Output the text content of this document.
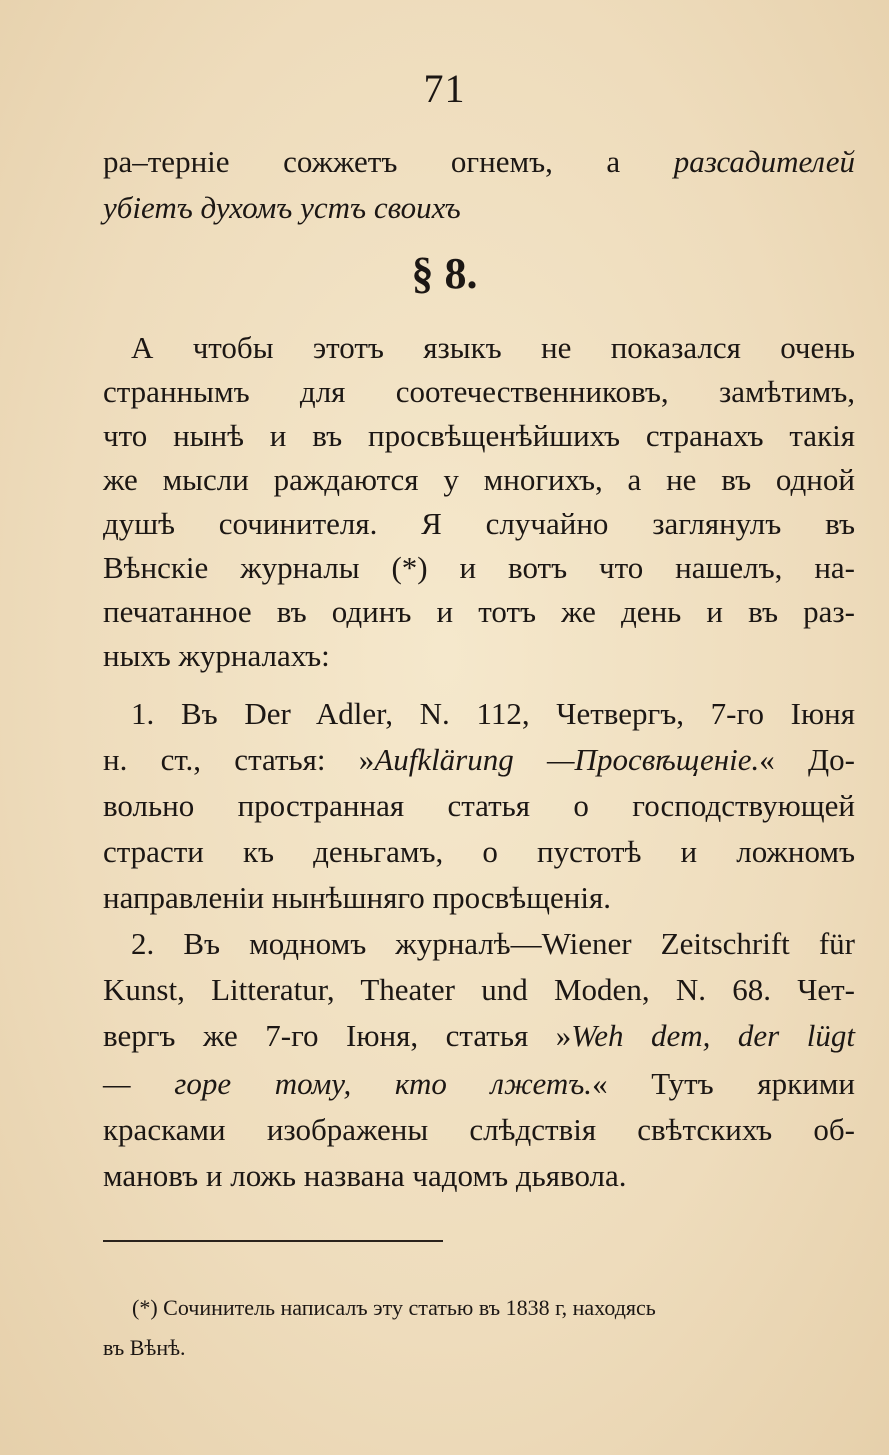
71
ра–терніе сожжетъ огнемъ, а разсадителей
убіетъ духомъ устъ своихъ
§ 8.
А чтобы этотъ языкъ не показался очень
страннымъ для соотечественниковъ, замѣтимъ,
что нынѣ и въ просвѣщенѣйшихъ странахъ такія
же мысли раждаются у многихъ, а не въ одной
душѣ сочинителя. Я случайно заглянулъ въ
Вѣнскіе журналы (*) и вотъ что нашелъ, на-
печатанное въ одинъ и тотъ же день и въ раз-
ныхъ журналахъ:
1. Въ Der Adler, N. 112, Четвергъ, 7-го Іюня
н. ст., статья: »Aufklärung —Просвѣщеніе.« До-
вольно пространная статья о господствующей
страсти къ деньгамъ, о пустотѣ и ложномъ
направленіи нынѣшняго просвѣщенія.
2. Въ модномъ журналѣ—Wiener Zeitschrift für
Kunst, Litteratur, Theater und Moden, N. 68. Чет-
вергъ же 7-го Іюня, статья »Weh dem, der lügt
— горе тому, кто лжетъ.« Тутъ яркими
красками изображены слѣдствія свѣтскихъ об-
мановъ и ложь названа чадомъ дьявола.
(*) Сочинитель написалъ эту статью въ 1838 г, находясь
въ Вѣнѣ.
